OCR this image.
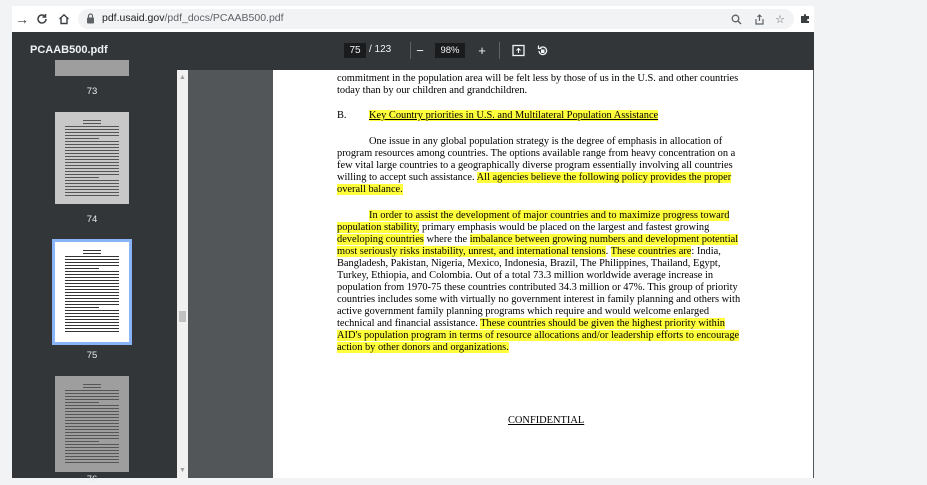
→	pdf.usaid.gov/pdf_docs/PCAAB500.pdf	☆
PCAAB500.pdf	75 / 123	−	98%	+
73
74
75
76
▲
▼
commitment in the population area will be felt less by those of us in the U.S. and other countries
today than by our children and grandchildren.
B. Key Country priorities in U.S. and Multilateral Population Assistance
One issue in any global population strategy is the degree of emphasis in allocation of
program resources among countries. The options available range from heavy concentration on a
few vital large countries to a geographically diverse program essentially involving all countries
willing to accept such assistance. All agencies believe the following policy provides the proper
overall balance.
In order to assist the development of major countries and to maximize progress toward
population stability, primary emphasis would be placed on the largest and fastest growing
developing countries where the imbalance between growing numbers and development potential
most seriously risks instability, unrest, and international tensions. These countries are: India,
Bangladesh, Pakistan, Nigeria, Mexico, Indonesia, Brazil, The Philippines, Thailand, Egypt,
Turkey, Ethiopia, and Colombia. Out of a total 73.3 million worldwide average increase in
population from 1970-75 these countries contributed 34.3 million or 47%. This group of priority
countries includes some with virtually no government interest in family planning and others with
active government family planning programs which require and would welcome enlarged
technical and financial assistance. These countries should be given the highest priority within
AID's population program in terms of resource allocations and/or leadership efforts to encourage
action by other donors and organizations.
CONFIDENTIAL
